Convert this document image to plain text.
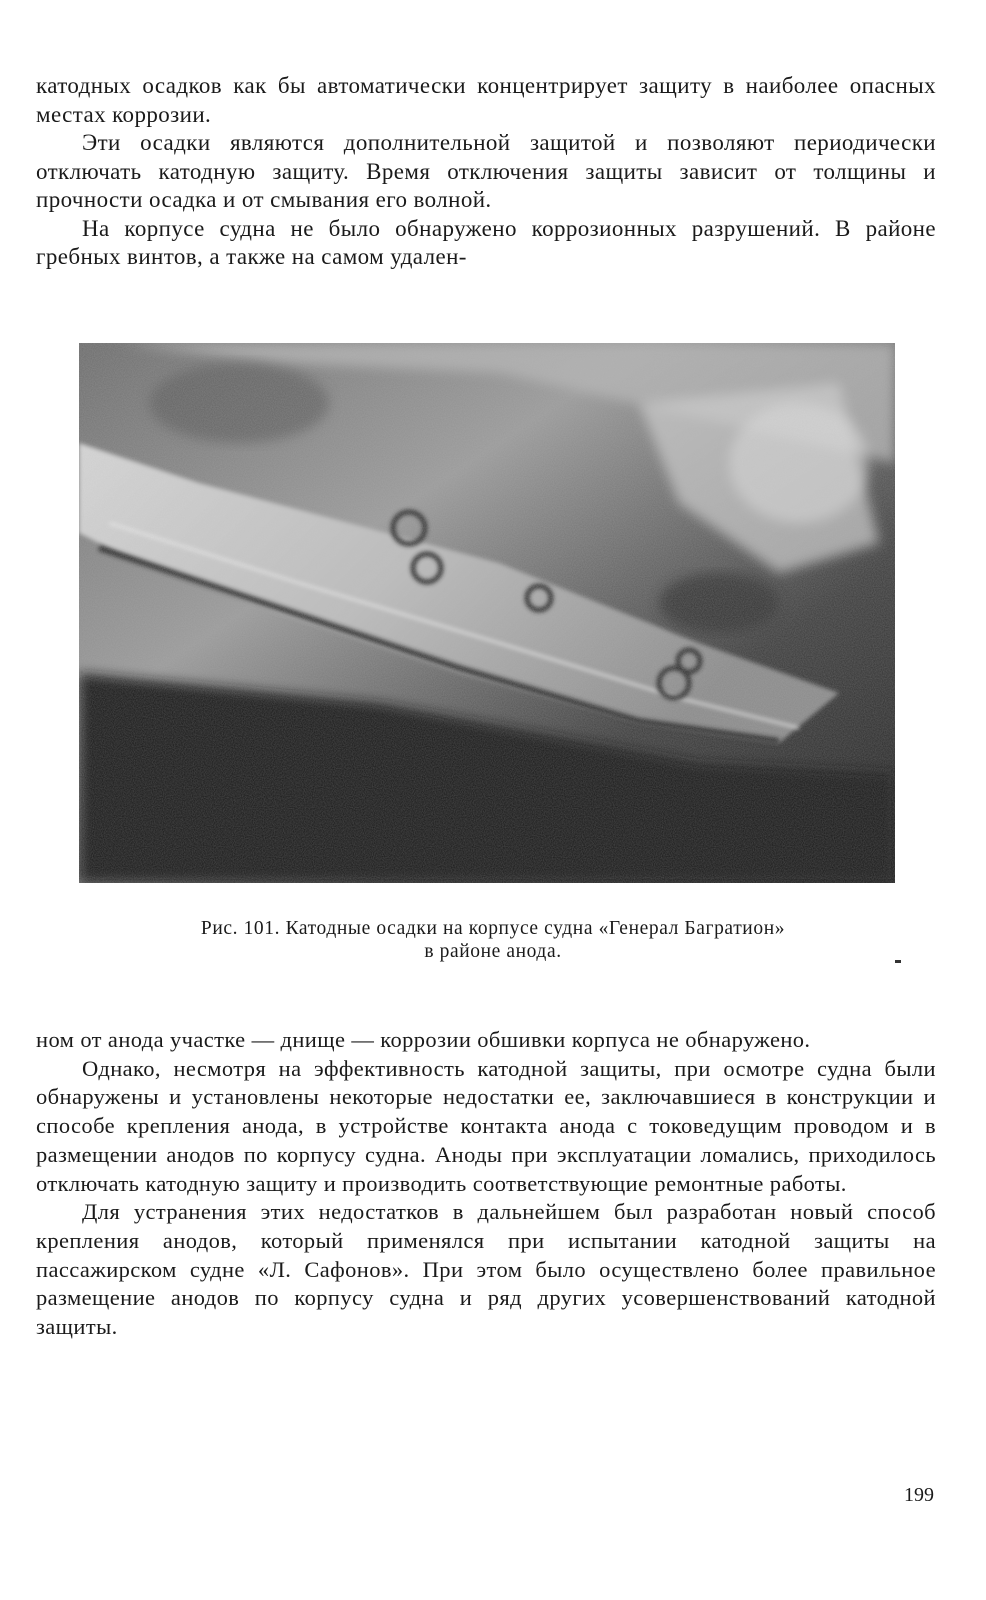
катодных осадков как бы автоматически концентрирует защиту в наиболее опасных местах коррозии.

Эти осадки являются дополнительной защитой и позволяют периодически отключать катодную защиту. Время отключения защиты зависит от толщины и прочности осадка и от смывания его волной.

На корпусе судна не было обнаружено коррозионных разрушений. В районе гребных винтов, а также на самом удален-

Рис. 101. Катодные осадки на корпусе судна «Генерал Багратион»
в районе анода.

ном от анода участке — днище — коррозии обшивки корпуса не обнаружено.

Однако, несмотря на эффективность катодной защиты, при осмотре судна были обнаружены и установлены некоторые недостатки ее, заключавшиеся в конструкции и способе крепления анода, в устройстве контакта анода с токоведущим проводом и в размещении анодов по корпусу судна. Аноды при эксплуатации ломались, приходилось отключать катодную защиту и производить соответствующие ремонтные работы.

Для устранения этих недостатков в дальнейшем был разработан новый способ крепления анодов, который применялся при испытании катодной защиты на пассажирском судне «Л. Сафонов». При этом было осуществлено более правильное размещение анодов по корпусу судна и ряд других усовершенствований катодной защиты.

199
